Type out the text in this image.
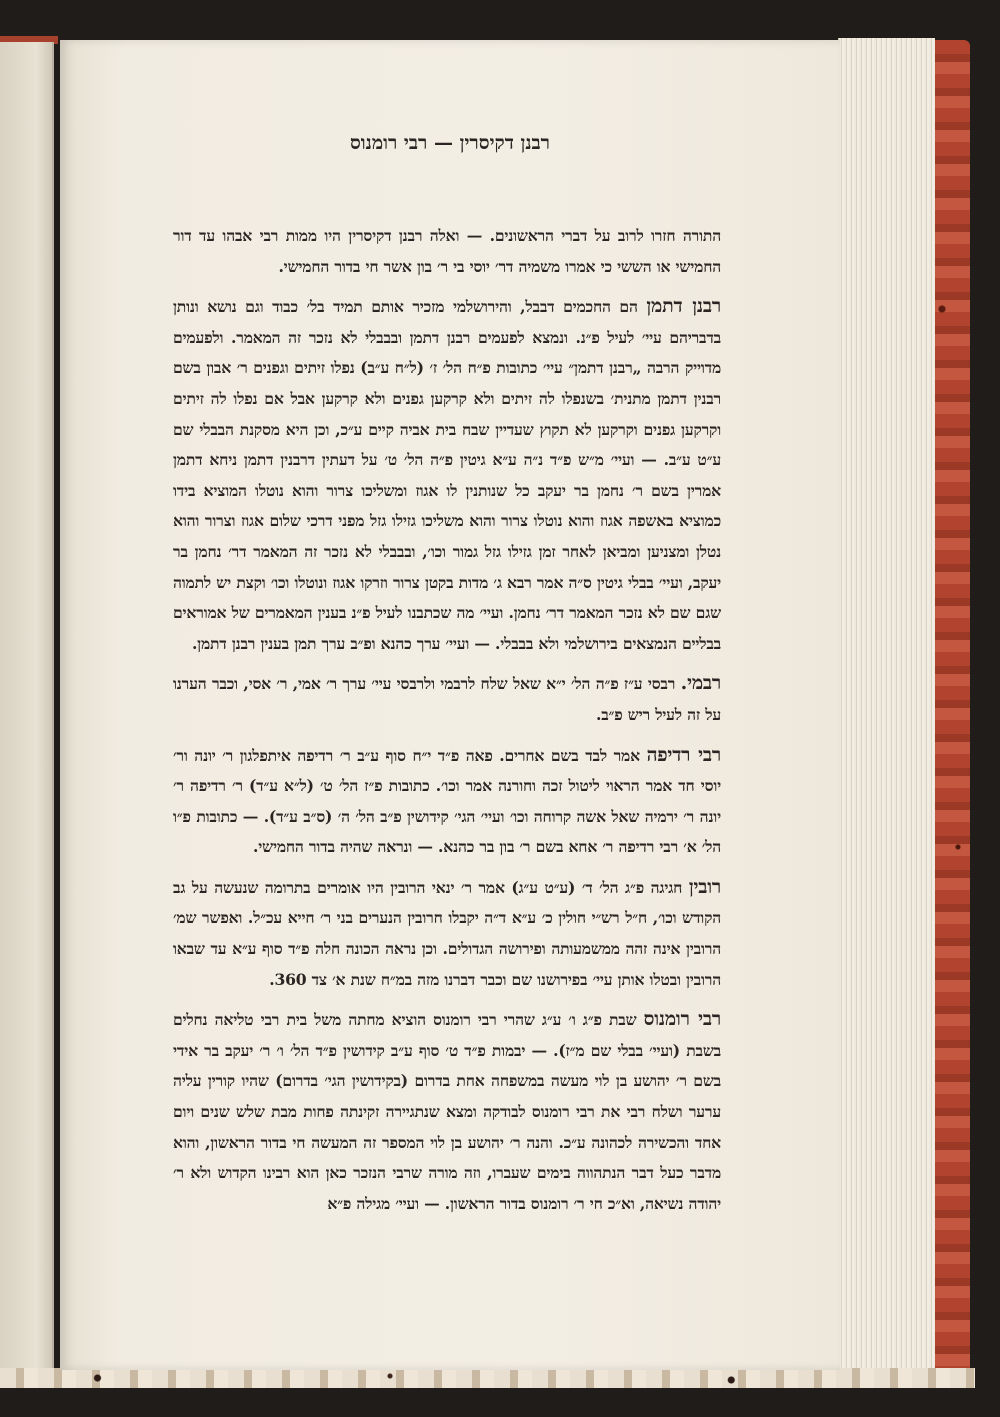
רבנן דקיסרין — רבי רומנוס

התורה חזרו לרוב על דברי הראשונים. — ואלה רבנן דקיסרין היו ממות רבי אבהו עד דור החמישי או הששי כי אמרו משמיה דר׳ יוסי בי ר׳ בון אשר חי בדור החמישי.

רבנן דתמן הם החכמים דבבל, והירושלמי מזכיר אותם תמיד בל׳ כבוד וגם נושא ונותן בדבריהם עיי׳ לעיל פ״נ. ונמצא לפעמים רבנן דתמן ובבבלי לא נזכר זה המאמר. ולפעמים מדוייק הרבה „רבנן דתמן״ עיי׳ כתובות פ״ח הל׳ ז׳ (ל״ח ע״ב) נפלו זיתים וגפנים ר׳ אבון בשם רבנין דתמן מתנית׳ בשנפלו לה זיתים ולא קרקען גפנים ולא קרקען אבל אם נפלו לה זיתים וקרקען גפנים וקרקען לא תקוץ שעדיין שבח בית אביה קיים ע״כ, וכן היא מסקנת הבבלי שם ע״ט ע״ב. — ועיי׳ מ״ש פ״ד נ״ה ע״א גיטין פ״ה הל׳ ט׳ על דעתין דרבנין דתמן ניחא דתמן אמרין בשם ר׳ נחמן בר יעקב כל שנותנין לו אגוז ומשליכו צרור והוא נוטלו המוציא בידו כמוציא באשפה אגוז והוא נוטלו צרור והוא משליכו גזילו גזל מפני דרכי שלום אגוז וצרור והוא נטלן ומצניען ומביאן לאחר זמן גזילו גזל גמור וכו׳, ובבבלי לא נזכר זה המאמר דר׳ נחמן בר יעקב, ועיי׳ בבלי גיטין ס״ה אמר רבא ג׳ מדות בקטן צרור וזרקו אגוז ונוטלו וכו׳ וקצת יש לתמוה שגם שם לא נזכר המאמר דר׳ נחמן. ועיי׳ מה שכתבנו לעיל פ״נ בענין המאמרים של אמוראים בבליים הנמצאים בירושלמי ולא בבבלי. — ועיי׳ ערך כהנא ופ״ב ערך תמן בענין רבנן דתמן.

רבמי. רבסי ע״ז פ״ה הל׳ י״א שאל שלח לרבמי ולרבסי עיי׳ ערך ר׳ אמי, ר׳ אסי, וכבר הערנו על זה לעיל ריש פ״ב.

רבי רדיפה אמר לבד בשם אחרים. פאה פ״ד י״ח סוף ע״ב ר׳ רדיפה איתפלגון ר׳ יונה ור׳ יוסי חד אמר הראוי ליטול זכה וחורנה אמר וכו׳. כתובות פ״ז הל׳ ט׳ (ל״א ע״ד) ר׳ רדיפה ר׳ יונה ר׳ ירמיה שאל אשה קרוחה וכו׳ ועיי׳ הגי׳ קידושין פ״ב הל׳ ה׳ (ס״ב ע״ד). — כתובות פ״ו הל׳ א׳ רבי רדיפה ר׳ אחא בשם ר׳ בון בר כהנא. — ונראה שהיה בדור החמישי.

רובין חגיגה פ״ג הל׳ ד׳ (ע״ט ע״ג) אמר ר׳ ינאי הרובין היו אומרים בתרומה שנעשה על גב הקודש וכו׳, ח״ל רש״י חולין כ׳ ע״א ד״ה יקבלו חרובין הנערים בני ר׳ חייא עכ״ל. ואפשר שמ׳ הרובין אינה זהה ממשמעותה ופירושה הגדולים. וכן נראה הכונה חלה פ״ד סוף ע״א עד שבאו הרובין ובטלו אותן עיי׳ בפירושנו שם וכבר דברנו מזה במ״ח שנת א׳ צד 360.

רבי רומנוס שבת פ״ג ו׳ ע״ג שהרי רבי רומנוס הוציא מחתה משל בית רבי טליאה נחלים בשבת (ועיי׳ בבלי שם מ״ז). — יבמות פ״ד ט׳ סוף ע״ב קידושין פ״ד הל׳ ו׳ ר׳ יעקב בר אידי בשם ר׳ יהושע בן לוי מעשה במשפחה אחת בדרום (בקידושין הגי׳ בדרום) שהיו קורין עליה ערער ושלח רבי את רבי רומנוס לבודקה ומצא שנתגיירה זקינתה פחות מבת שלש שנים ויום אחד והכשירה לכהונה ע״כ. והנה ר׳ יהושע בן לוי המספר זה המעשה חי בדור הראשון, והוא מדבר כעל דבר הנתהווה בימים שעברו, וזה מורה שרבי הנזכר כאן הוא רבינו הקדוש ולא ר׳ יהודה נשיאה, וא״כ חי ר׳ רומנוס בדור הראשון. — ועיי׳ מגילה פ״א
